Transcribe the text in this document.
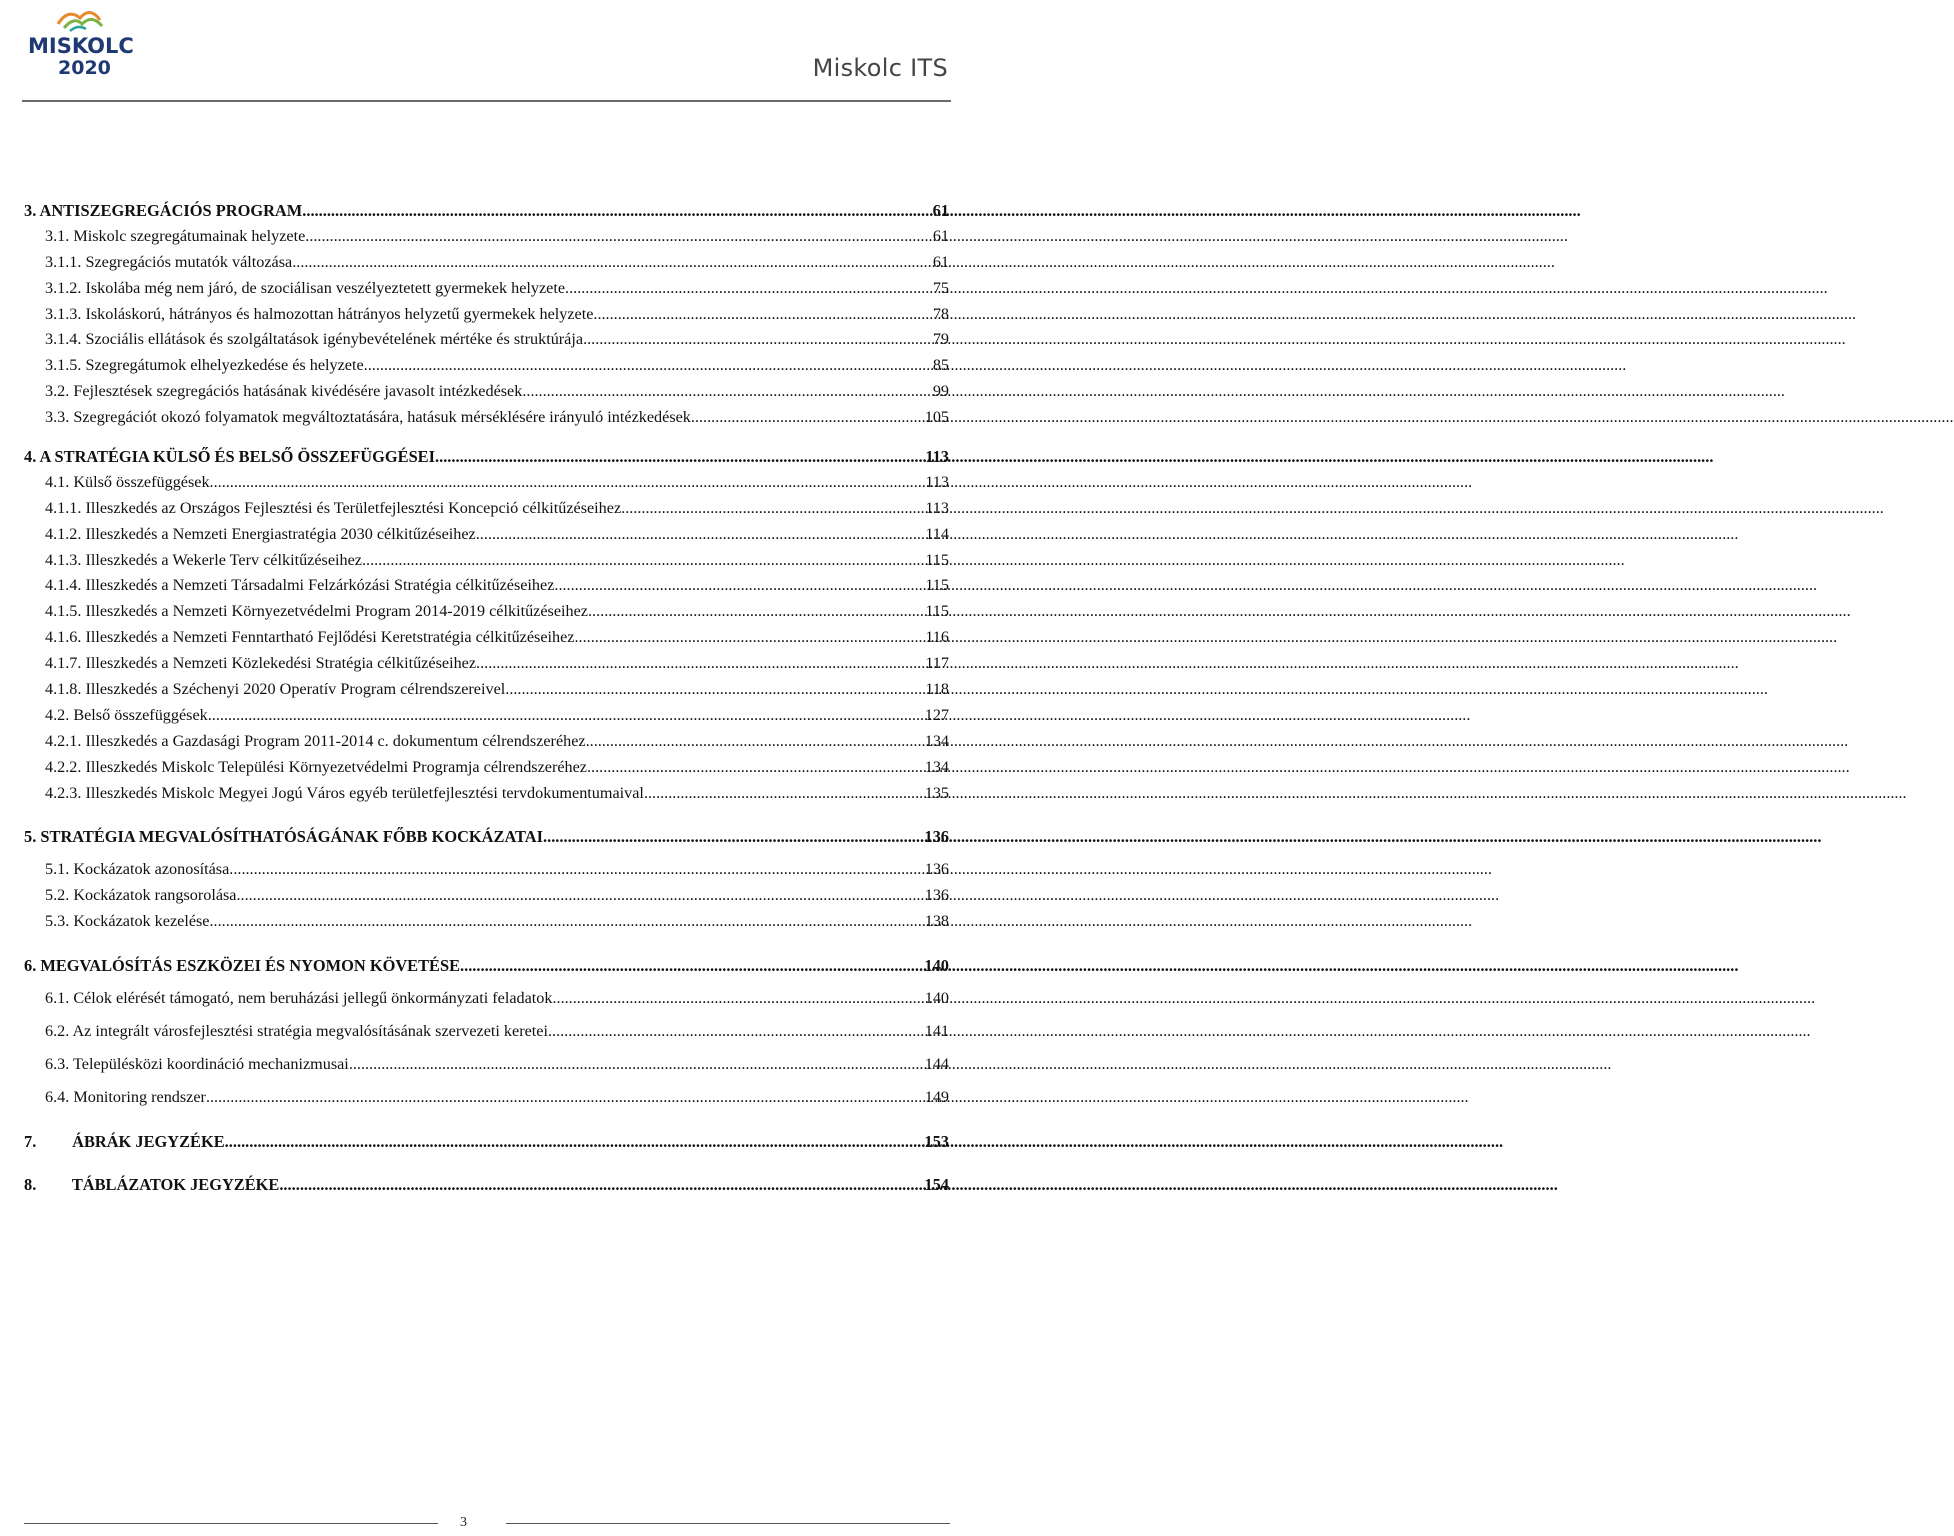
MISKOLC
2020	Miskolc ITS
3. ANTISZEGREGÁCIÓS PROGRAM .....	61
3.1. Miskolc szegregátumainak helyzete .....	61
3.1.1. Szegregációs mutatók változása .....	61
3.1.2. Iskolába még nem járó, de szociálisan veszélyeztetett gyermekek helyzete .....	75
3.1.3. Iskoláskorú, hátrányos és halmozottan hátrányos helyzetű gyermekek helyzete .....	78
3.1.4. Szociális ellátások és szolgáltatások igénybevételének mértéke és struktúrája .....	79
3.1.5. Szegregátumok elhelyezkedése és helyzete .....	85
3.2. Fejlesztések szegregációs hatásának kivédésére javasolt intézkedések .....	99
3.3. Szegregációt okozó folyamatok megváltoztatására, hatásuk mérséklésére irányuló intézkedések .....	105
4. A STRATÉGIA KÜLSŐ ÉS BELSŐ ÖSSZEFÜGGÉSEI .....	113
4.1. Külső összefüggések .....	113
4.1.1. Illeszkedés az Országos Fejlesztési és Területfejlesztési Koncepció célkitűzéseihez .....	113
4.1.2. Illeszkedés a Nemzeti Energiastratégia 2030 célkitűzéseihez .....	114
4.1.3. Illeszkedés a Wekerle Terv célkitűzéseihez .....	115
4.1.4. Illeszkedés a Nemzeti Társadalmi Felzárkózási Stratégia célkitűzéseihez .....	115
4.1.5. Illeszkedés a Nemzeti Környezetvédelmi Program 2014-2019 célkitűzéseihez .....	115
4.1.6. Illeszkedés a Nemzeti Fenntartható Fejlődési Keretstratégia célkitűzéseihez .....	116
4.1.7. Illeszkedés a Nemzeti Közlekedési Stratégia célkitűzéseihez .....	117
4.1.8. Illeszkedés a Széchenyi 2020 Operatív Program célrendszereivel .....	118
4.2. Belső összefüggések .....	127
4.2.1. Illeszkedés a Gazdasági Program 2011-2014 c. dokumentum célrendszeréhez .....	134
4.2.2. Illeszkedés Miskolc Települési Környezetvédelmi Programja célrendszeréhez .....	134
4.2.3. Illeszkedés Miskolc Megyei Jogú Város egyéb területfejlesztési tervdokumentumaival .....	135
5. STRATÉGIA MEGVALÓSÍTHATÓSÁGÁNAK FŐBB KOCKÁZATAI .....	136
5.1. Kockázatok azonosítása .....	136
5.2. Kockázatok rangsorolása .....	136
5.3. Kockázatok kezelése .....	138
6. MEGVALÓSÍTÁS ESZKÖZEI ÉS NYOMON KÖVETÉSE .....	140
6.1. Célok elérését támogató, nem beruházási jellegű önkormányzati feladatok .....	140
6.2. Az integrált városfejlesztési stratégia megvalósításának szervezeti keretei .....	141
6.3. Településközi koordináció mechanizmusai .....	144
6.4. Monitoring rendszer .....	149
7. ÁBRÁK JEGYZÉKE .....	153
8. TÁBLÁZATOK JEGYZÉKE .....	154
3
